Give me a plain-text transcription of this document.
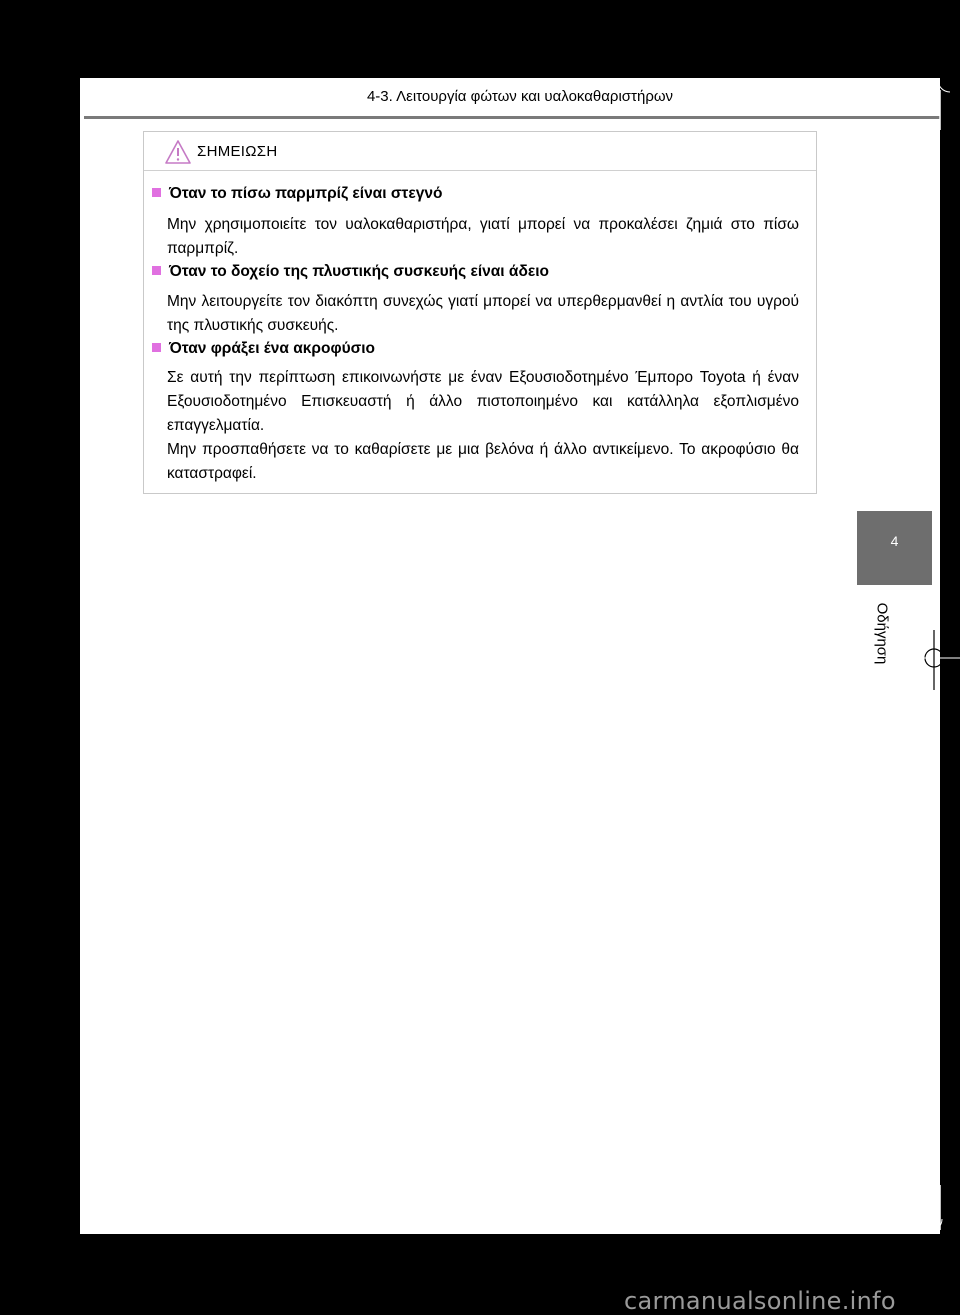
4-3. Λειτουργία φώτων και υαλοκαθαριστήρων
ΣΗΜΕΙΩΣΗ
Όταν το πίσω παρμπρίζ είναι στεγνό

Μην χρησιμοποιείτε τον υαλοκαθαριστήρα, γιατί μπορεί να προκαλέσει ζημιά στο πίσω παρμπρίζ.

Όταν το δοχείο της πλυστικής συσκευής είναι άδειο

Μην λειτουργείτε τον διακόπτη συνεχώς γιατί μπορεί να υπερθερμανθεί η αντλία του υγρού της πλυστικής συσκευής.

Όταν φράξει ένα ακροφύσιο

Σε αυτή την περίπτωση επικοινωνήστε με έναν Εξουσιοδοτημένο Έμπορο Toyota ή έναν Εξουσιοδοτημένο Επισκευαστή ή άλλο πιστοποιημένο και κατάλληλα εξοπλισμένο επαγγελματία.

Μην προσπαθήσετε να το καθαρίσετε με μια βελόνα ή άλλο αντικείμενο. Το ακροφύσιο θα καταστραφεί.

4
Οδήγηση
carmanualsonline.info
